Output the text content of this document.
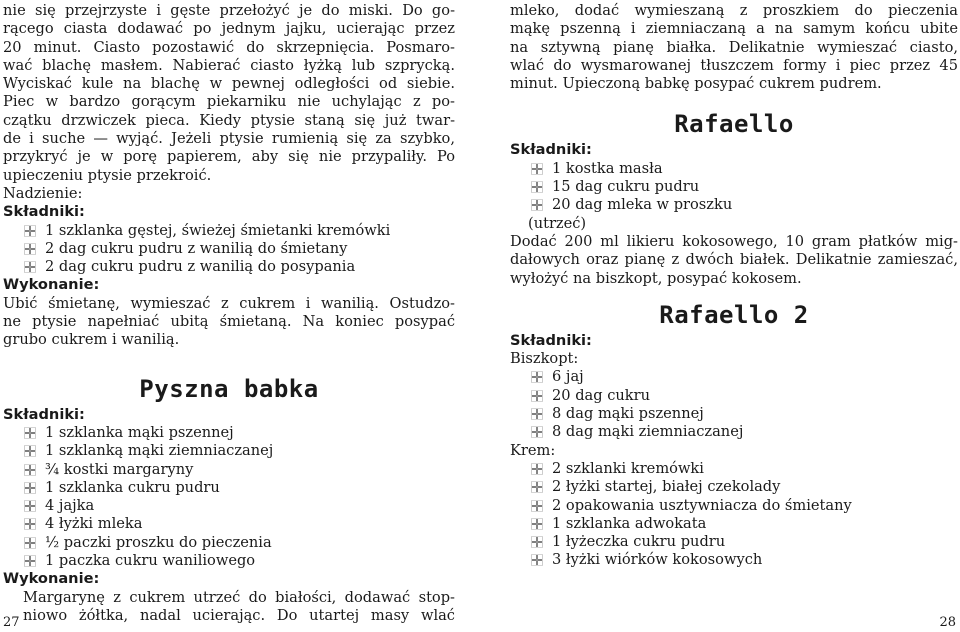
nie się przejrzyste i gęste przełożyć je do miski. Do go-
rącego ciasta dodawać po jednym jajku, ucierając przez
20 minut. Ciasto pozostawić do skrzepnięcia. Posmaro-
wać blachę masłem. Nabierać ciasto łyżką lub szprycką.
Wyciskać kule na blachę w pewnej odległości od siebie.
Piec w bardzo gorącym piekarniku nie uchylając z po-
czątku drzwiczek pieca. Kiedy ptysie staną się już twar-
de i suche — wyjąć. Jeżeli ptysie rumienią się za szybko,
przykryć je w porę papierem, aby się nie przypaliły. Po
upieczeniu ptysie przekroić.
Nadzienie:
Składniki:
1 szklanka gęstej, świeżej śmietanki kremówki
2 dag cukru pudru z wanilią do śmietany
2 dag cukru pudru z wanilią do posypania
Wykonanie:
Ubić śmietanę, wymieszać z cukrem i wanilią. Ostudzo-
ne ptysie napełniać ubitą śmietaną. Na koniec posypać
grubo cukrem i wanilią.
Pyszna babka
Składniki:
1 szklanka mąki pszennej
1 szklanką mąki ziemniaczanej
¾ kostki margaryny
1 szklanka cukru pudru
4 jajka
4 łyżki mleka
½ paczki proszku do pieczenia
1 paczka cukru waniliowego
Wykonanie:
Margarynę z cukrem utrzeć do białości, dodawać stop-
niowo żółtka, nadal ucierając. Do utartej masy wlać
mleko, dodać wymieszaną z proszkiem do pieczenia
mąkę pszenną i ziemniaczaną a na samym końcu ubite
na sztywną pianę białka. Delikatnie wymieszać ciasto,
wlać do wysmarowanej tłuszczem formy i piec przez 45
minut. Upieczoną babkę posypać cukrem pudrem.
Rafaello
Składniki:
1 kostka masła
15 dag cukru pudru
20 dag mleka w proszku
(utrzeć)
Dodać 200 ml likieru kokosowego, 10 gram płatków mig-
dałowych oraz pianę z dwóch białek. Delikatnie zamieszać,
wyłożyć na biszkopt, posypać kokosem.
Rafaello 2
Składniki:
Biszkopt:
6 jaj
20 dag cukru
8 dag mąki pszennej
8 dag mąki ziemniaczanej
Krem:
2 szklanki kremówki
2 łyżki startej, białej czekolady
2 opakowania usztywniacza do śmietany
1 szklanka adwokata
1 łyżeczka cukru pudru
3 łyżki wiórków kokosowych
27	28
